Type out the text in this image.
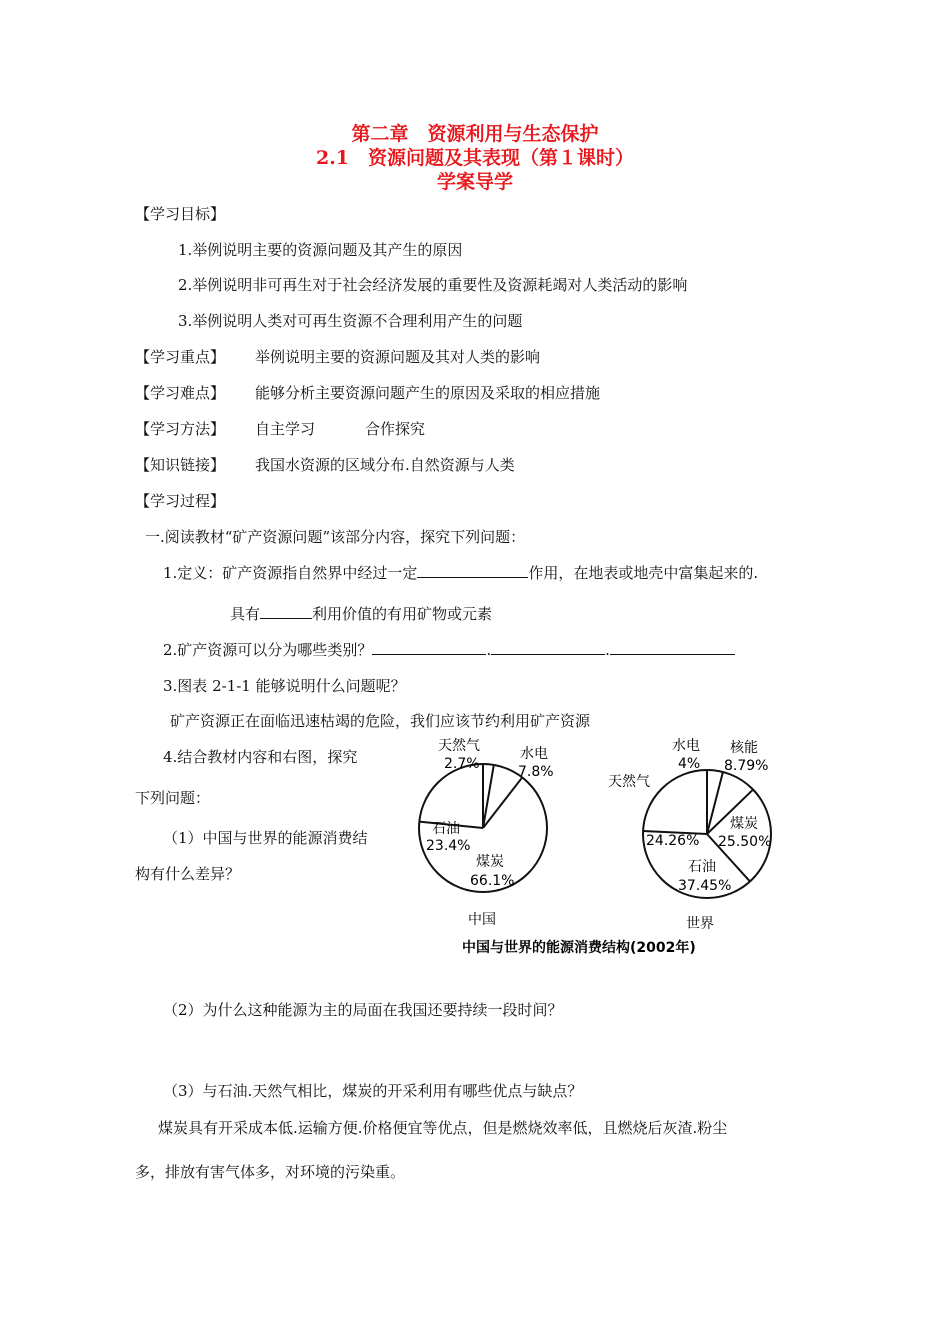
第二章　资源利用与生态保护
2.1　资源问题及其表现（第１课时）
学案导学
【学习目标】
1.举例说明主要的资源问题及其产生的原因
2.举例说明非可再生对于社会经济发展的重要性及资源耗竭对人类活动的影响
3.举例说明人类对可再生资源不合理利用产生的问题
【学习重点】 举例说明主要的资源问题及其对人类的影响
【学习难点】 能够分析主要资源问题产生的原因及采取的相应措施
【学习方法】 自主学习	合作探究
【知识链接】 我国水资源的区域分布.自然资源与人类
【学习过程】
一.阅读教材“矿产资源问题”该部分内容，探究下列问题：
1.定义：矿产资源指自然界中经过一定	作用，在地表或地壳中富集起来的.
具有	利用价值的有用矿物或元素
2.矿产资源可以分为哪些类别？	.	.
3.图表 2-1-1 能够说明什么问题呢？
矿产资源正在面临迅速枯竭的危险，我们应该节约利用矿产资源
4.结合教材内容和右图，探究
下列问题：
（1）中国与世界的能源消费结
构有什么差异？
天然气
2.7%
水电
7.8%
石油
23.4%
煤炭
66.1%
中国
水电
4%
核能
8.79%
天然气
24.26%
煤炭
25.50%
石油
37.45%
世界
中国与世界的能源消费结构(2002年)
（2）为什么这种能源为主的局面在我国还要持续一段时间？
（3）与石油.天然气相比，煤炭的开采利用有哪些优点与缺点？
煤炭具有开采成本低.运输方便.价格便宜等优点，但是燃烧效率低，且燃烧后灰渣.粉尘
多，排放有害气体多，对环境的污染重。
